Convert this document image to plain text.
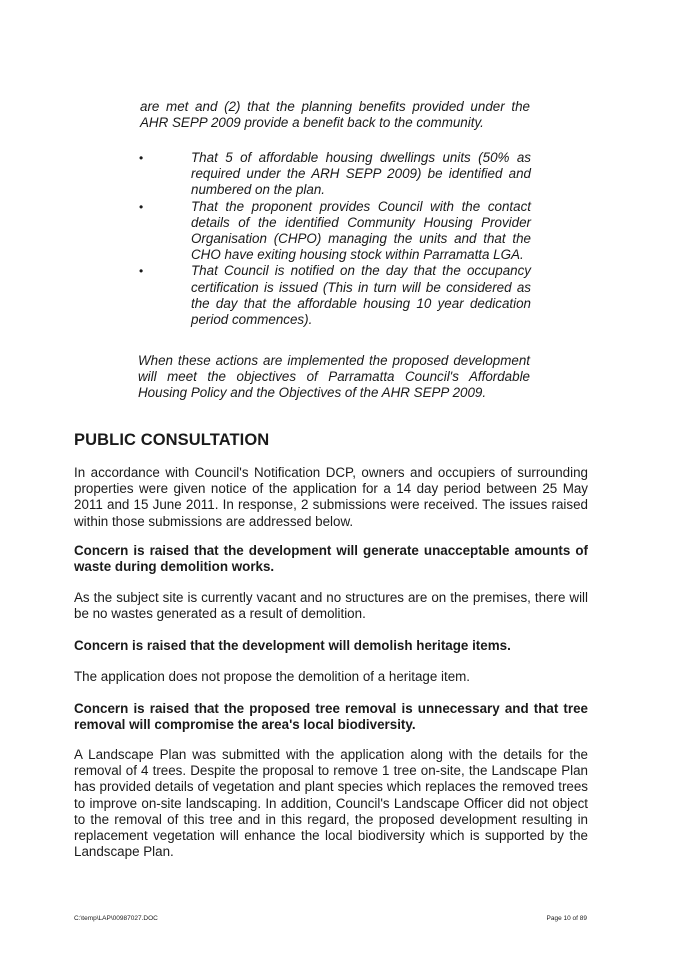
are met and (2) that the planning benefits provided under the AHR SEPP 2009 provide a benefit back to the community.
•	That 5 of affordable housing dwellings units (50% as required under the ARH SEPP 2009) be identified and numbered on the plan.
•	That the proponent provides Council with the contact details of the identified Community Housing Provider Organisation (CHPO) managing the units and that the CHO have exiting housing stock within Parramatta LGA.
•	That Council is notified on the day that the occupancy certification is issued (This in turn will be considered as the day that the affordable housing 10 year dedication period commences).
When these actions are implemented the proposed development will meet the objectives of Parramatta Council's Affordable Housing Policy and the Objectives of the AHR SEPP 2009.
PUBLIC CONSULTATION
In accordance with Council's Notification DCP, owners and occupiers of surrounding properties were given notice of the application for a 14 day period between 25 May 2011 and 15 June 2011. In response, 2 submissions were received. The issues raised within those submissions are addressed below.
Concern is raised that the development will generate unacceptable amounts of waste during demolition works.
As the subject site is currently vacant and no structures are on the premises, there will be no wastes generated as a result of demolition.
Concern is raised that the development will demolish heritage items.
The application does not propose the demolition of a heritage item.
Concern is raised that the proposed tree removal is unnecessary and that tree removal will compromise the area's local biodiversity.
A Landscape Plan was submitted with the application along with the details for the removal of 4 trees. Despite the proposal to remove 1 tree on-site, the Landscape Plan has provided details of vegetation and plant species which replaces the removed trees to improve on-site landscaping. In addition, Council's Landscape Officer did not object to the removal of this tree and in this regard, the proposed development resulting in replacement vegetation will enhance the local biodiversity which is supported by the Landscape Plan.
C:\temp\LAP\00987027.DOC	Page 10 of 89
